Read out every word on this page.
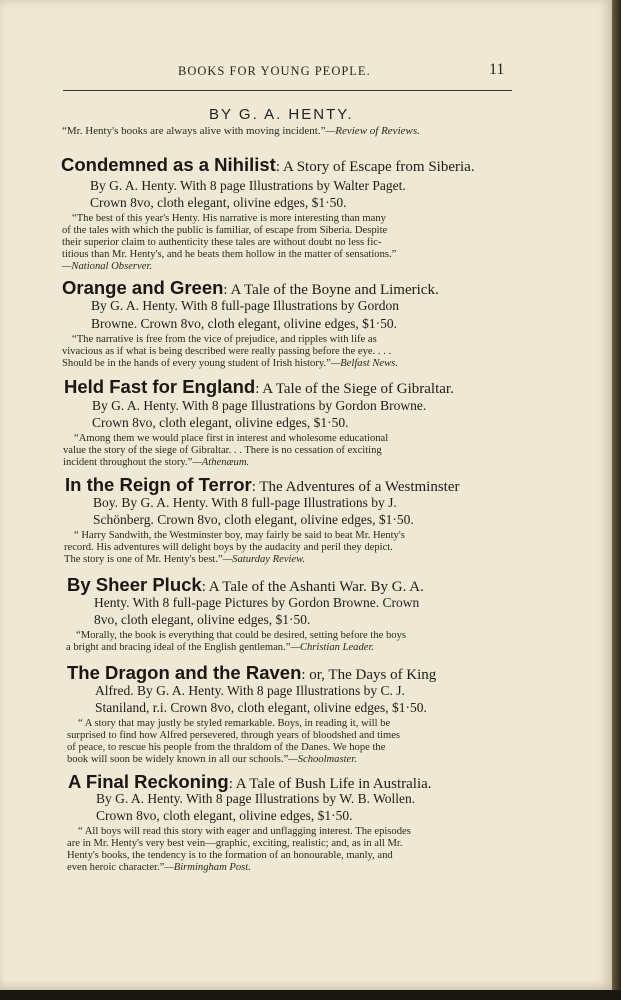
BOOKS FOR YOUNG PEOPLE.	11
BY G. A. HENTY.
“Mr. Henty's books are always alive with moving incident.”—Review of Reviews.
Condemned as a Nihilist: A Story of Escape from Siberia.
By G. A. Henty. With 8 page Illustrations by Walter Paget.
Crown 8vo, cloth elegant, olivine edges, $1·50.
“The best of this year's Henty. His narrative is more interesting than many
of the tales with which the public is familiar, of escape from Siberia. Despite
their superior claim to authenticity these tales are without doubt no less fic-
titious than Mr. Henty's, and he beats them hollow in the matter of sensations.”
—National Observer.
Orange and Green: A Tale of the Boyne and Limerick.
By G. A. Henty. With 8 full-page Illustrations by Gordon
Browne. Crown 8vo, cloth elegant, olivine edges, $1·50.
“The narrative is free from the vice of prejudice, and ripples with life as
vivacious as if what is being described were really passing before the eye. . . .
Should be in the hands of every young student of Irish history.”—Belfast News.
Held Fast for England: A Tale of the Siege of Gibraltar.
By G. A. Henty. With 8 page Illustrations by Gordon Browne.
Crown 8vo, cloth elegant, olivine edges, $1·50.
“Among them we would place first in interest and wholesome educational
value the story of the siege of Gibraltar. . . There is no cessation of exciting
incident throughout the story.”—Athenæum.
In the Reign of Terror: The Adventures of a Westminster
Boy. By G. A. Henty. With 8 full-page Illustrations by J.
Schönberg. Crown 8vo, cloth elegant, olivine edges, $1·50.
“ Harry Sandwith, the Westminster boy, may fairly be said to beat Mr. Henty's
record. His adventures will delight boys by the audacity and peril they depict.
The story is one of Mr. Henty's best.”—Saturday Review.
By Sheer Pluck: A Tale of the Ashanti War. By G. A.
Henty. With 8 full-page Pictures by Gordon Browne. Crown
8vo, cloth elegant, olivine edges, $1·50.
“Morally, the book is everything that could be desired, setting before the boys
a bright and bracing ideal of the English gentleman.”—Christian Leader.
The Dragon and the Raven: or, The Days of King
Alfred. By G. A. Henty. With 8 page Illustrations by C. J.
Staniland, r.i. Crown 8vo, cloth elegant, olivine edges, $1·50.
“ A story that may justly be styled remarkable. Boys, in reading it, will be
surprised to find how Alfred persevered, through years of bloodshed and times
of peace, to rescue his people from the thraldom of the Danes. We hope the
book will soon be widely known in all our schools.”—Schoolmaster.
A Final Reckoning: A Tale of Bush Life in Australia.
By G. A. Henty. With 8 page Illustrations by W. B. Wollen.
Crown 8vo, cloth elegant, olivine edges, $1·50.
“ All boys will read this story with eager and unflagging interest. The episodes
are in Mr. Henty's very best vein—graphic, exciting, realistic; and, as in all Mr.
Henty's books, the tendency is to the formation of an honourable, manly, and
even heroic character.”—Birmingham Post.
